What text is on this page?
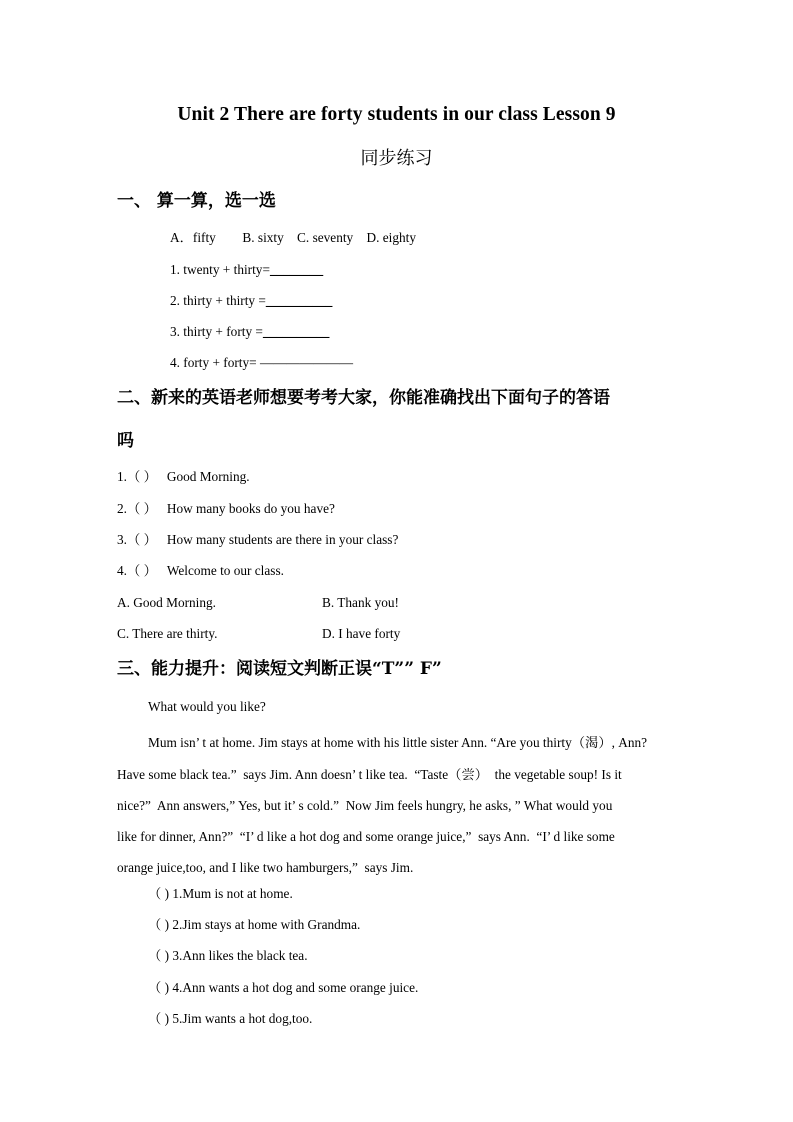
Unit 2 There are forty students in our class Lesson 9
同步练习
一、 算一算，选一选
A．fifty        B. sixty    C. seventy    D. eighty
1. twenty + thirty=________
2. thirty + thirty =__________
3. thirty + forty =__________
4. forty + forty= ———————
二、新来的英语老师想要考考大家，你能准确找出下面句子的答语
吗
1.（ ）   Good Morning.
2.（ ）   How many books do you have?
3.（ ）   How many students are there in your class?
4.（ ）   Welcome to our class.
A. Good Morning.	B. Thank you!
C. There are thirty.	D. I have forty
三、能力提升：阅读短文判断正误“T”” F”
What would you like?
Mum isn’ t at home. Jim stays at home with his little sister Ann. “Are you thirty（渴）, Ann?
Have some black tea.”  says Jim. Ann doesn’ t like tea.  “Taste（尝）  the vegetable soup! Is it
nice?”  Ann answers,” Yes, but it’ s cold.”  Now Jim feels hungry, he asks, ” What would you
like for dinner, Ann?”  “I’ d like a hot dog and some orange juice,”  says Ann.  “I’ d like some
orange juice,too, and I like two hamburgers,”  says Jim.
（ ) 1.Mum is not at home.
（ ) 2.Jim stays at home with Grandma.
（ ) 3.Ann likes the black tea.
（ ) 4.Ann wants a hot dog and some orange juice.
（ ) 5.Jim wants a hot dog,too.
